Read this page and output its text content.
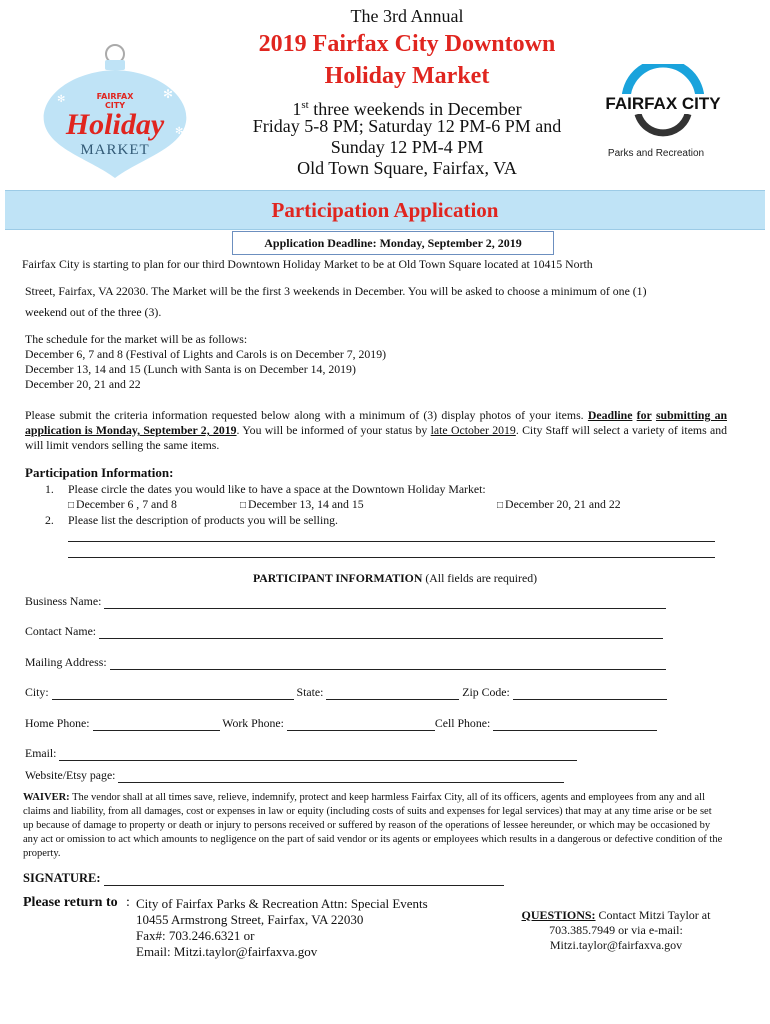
✻
✻
✻	FAIRFAX
CITY
Holiday
MARKET
The 3rd Annual
2019 Fairfax City Downtown
Holiday Market
1st three weekends in December
Friday 5-8 PM; Saturday 12 PM-6 PM and
Sunday 12 PM-4 PM
Old Town Square, Fairfax, VA
FAIRFAX CITY
Parks and Recreation
Participation Application
Application Deadline: Monday, September 2, 2019
Fairfax City is starting to plan for our third Downtown Holiday Market to be at Old Town Square located at 10415 North
Street, Fairfax, VA 22030. The Market will be the first 3 weekends in December. You will be asked to choose a minimum of one (1)
weekend out of the three (3).
The schedule for the market will be as follows:
December 6, 7 and 8 (Festival of Lights and Carols is on December 7, 2019)
December 13, 14 and 15 (Lunch with Santa is on December 14, 2019)
December 20, 21 and 22
Please submit the criteria information requested below along with a minimum of (3) display photos of your items. Deadline for submitting an application is Monday, September 2, 2019. You will be informed of your status by late October 2019. City Staff will select a variety of items and will limit vendors selling the same items.
Participation Information:
1. Please circle the dates you would like to have a space at the Downtown Holiday Market:
□ December 6 , 7 and 8	□ December 13, 14 and 15	□ December 20, 21 and 22
2. Please list the description of products you will be selling.
PARTICIPANT INFORMATION (All fields are required)
Business Name:
Contact Name:
Mailing Address:
City:	State:	Zip Code:
Home Phone:	Work Phone:	Cell Phone:
Email:
Website/Etsy page:
WAIVER: The vendor shall at all times save, relieve, indemnify, protect and keep harmless Fairfax City, all of its officers, agents and employees from any and all claims and liability, from all damages, cost or expenses in law or equity (including costs of suits and expenses for legal services) that may at any time arise or be set up because of damage to property or death or injury to persons received or suffered by reason of the operations of lessee hereunder, or which may be occasioned by any act or omission to act which amounts to negligence on the part of said vendor or its agents or employees which results in a dangerous or defective condition of the property.
SIGNATURE:
Please return to : City of Fairfax Parks & Recreation Attn: Special Events
10455 Armstrong Street, Fairfax, VA 22030
Fax#: 703.246.6321 or
Email: Mitzi.taylor@fairfaxva.gov
QUESTIONS: Contact Mitzi Taylor at
703.385.7949 or via e-mail:
Mitzi.taylor@fairfaxva.gov
